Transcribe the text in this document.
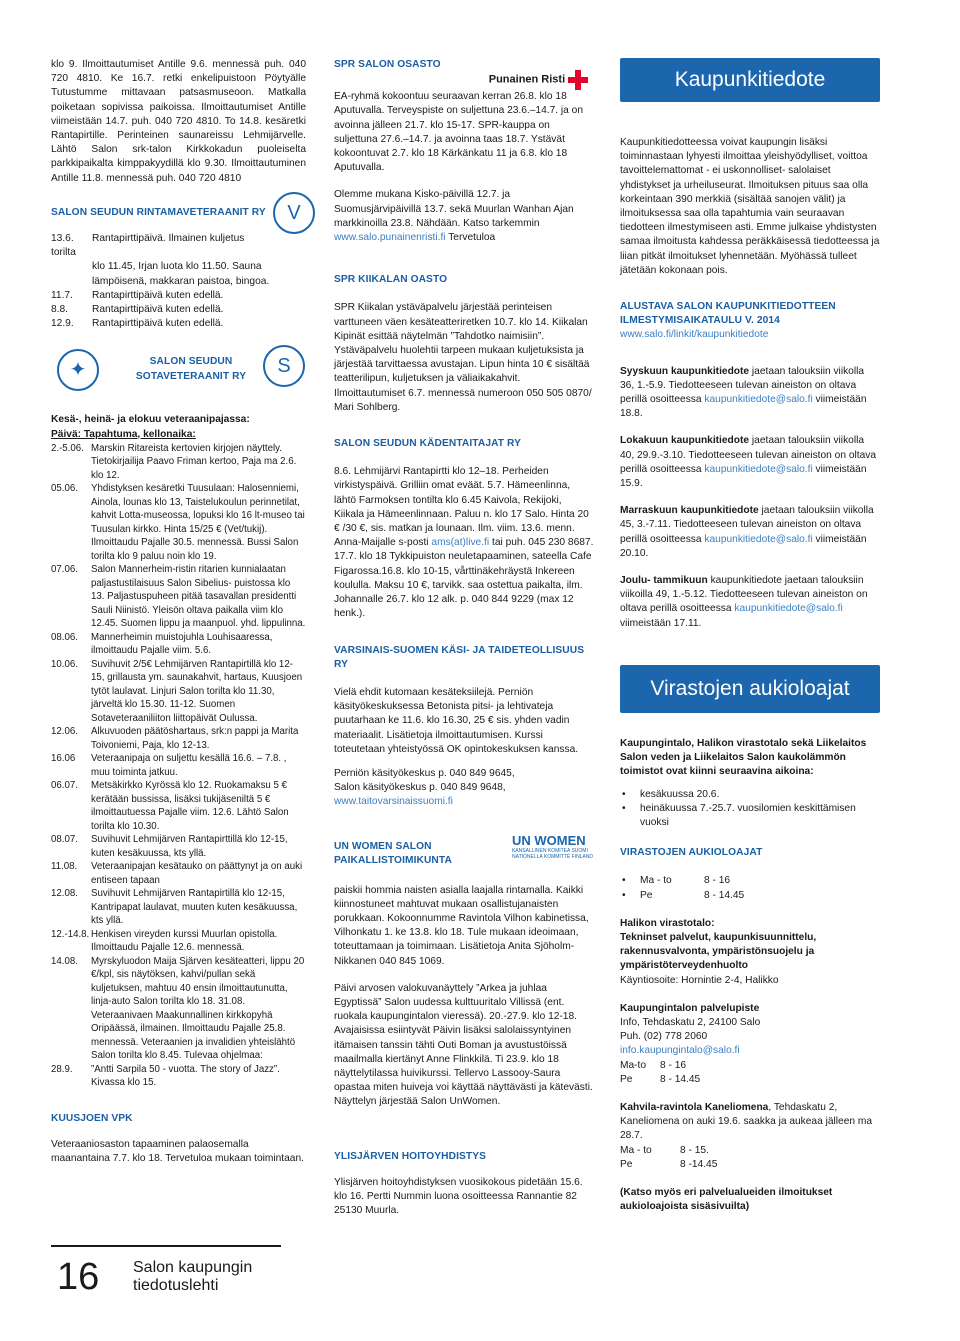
klo 9. Ilmoittautumiset Antille 9.6. mennessä puh. 040 720 4810. Ke 16.7. retki enkelipuistoon Pöytyälle Tutustumme mittavaan patsasmuseoon. Matkalla poiketaan sopivissa paikoissa. Ilmoittautumiset Antille viimeistään 14.7. puh. 040 720 4810. To 14.8. kesäretki Rantapirtille. Perinteinen saunareissu Lehmijärvelle. Lähtö Salon srk-talon Kirkkokadun puoleiselta parkkipaikalta kimppakyydillä klo 9.30. Ilmoittautuminen Antille 11.8. mennessä puh. 040 720 4810

SALON SEUDUN RINTAMAVETERAANIT RY	V
13.6.	Rantapirttipäivä. Ilmainen kuljetus
torilta
klo 11.45, Irjan luota klo 11.50. Sauna lämpöisenä, makkaran paistoa, bingoa.
11.7.	Rantapirttipäivä kuten edellä.
8.8.	Rantapirttipäivä kuten edellä.
12.9.	Rantapirttipäivä kuten edellä.
✦	SALON SEUDUN

SOTAVETERAANIT RY	S

Kesä-, heinä- ja elokuu veteraanipajassa:

Päivä: Tapahtuma, kellonaika:

2.-5.06. Marskin Ritareista kertovien kirjojen näyttely. Tietokirjailija Paavo Friman kertoo, Paja ma 2.6. klo 12.
05.06.	Yhdistyksen kesäretki Tuusulaan: Halosenniemi, Ainola, lounas klo 13, Taistelukoulun perinnetilat, kahvit Lotta-museossa, lopuksi klo 16 lt-museo tai Tuusulan kirkko. Hinta 15/25 € (Vet/tukij). Ilmoittaudu Pajalle 30.5. mennessä. Bussi Salon torilta klo 9 paluu noin klo 19.
07.06.	Salon Mannerheim-ristin ritarien kunnialaatan paljastustilaisuus Salon Sibelius- puistossa klo 13. Paljastuspuheen pitää tasavallan presidentti Sauli Niinistö. Yleisön oltava paikalla viim klo 12.45. Suomen lippu ja maanpuol. yhd. lippulinna.
08.06.	Mannerheimin muistojuhla Louhisaaressa, ilmoittaudu Pajalle viim. 5.6.
10.06.	Suvihuvit 2/5€ Lehmijärven Rantapirtillä klo 12-15, grillausta ym. saunakahvit, hartaus, Kuusjoen tytöt laulavat. Linjuri Salon torilta klo 11.30, järveltä klo 15.30. 11-12. Suomen Sotaveteraaniliiton liittopäivät Oulussa.
12.06.	Alkuvuoden päätöshartaus, srk:n pappi ja Marita Toivoniemi, Paja, klo 12-13.
16.06	Veteraanipaja on suljettu kesällä 16.6. – 7.8. , muu toiminta jatkuu.
06.07.	Metsäkirkko Kyrössä klo 12. Ruokamaksu 5 € kerätään bussissa, lisäksi tukijäseniltä 5 € ilmoittautuessa Pajalle viim. 12.6. Lähtö Salon torilta klo 10.30.
08.07.	Suvihuvit Lehmijärven Rantapirttillä klo 12-15, kuten kesäkuussa, kts yllä.
11.08.	Veteraanipajan kesätauko on päättynyt ja on auki entiseen tapaan
12.08.	Suvihuvit Lehmijärven Rantapirtillä klo 12-15, Kantripapat laulavat, muuten kuten kesäkuussa, kts yllä.
12.-14.8. Henkisen vireyden kurssi Muurlan opistolla. Ilmoittaudu Pajalle 12.6. mennessä.
14.08.	Myrskyluodon Maija Sjärven kesäteatteri, lippu 20 €/kpl, sis näytöksen, kahvi/pullan sekä kuljetuksen, mahtuu 40 ensin ilmoittautunutta, linja-auto Salon torilta klo 18. 31.08. Veteraanivaen Maakunnallinen kirkkopyhä Oripäässä, ilmainen. Ilmoittaudu Pajalle 25.8. mennessä. Veteraanien ja invalidien yhteislähtö Salon torilta klo 8.45. Tulevaa ohjelmaa:
28.9.	”Antti Sarpila 50 - vuotta. The story of Jazz”. Kivassa klo 15.

KUUSJOEN VPK

Veteraaniosaston tapaaminen palaosemalla maanantaina 7.7. klo 18. Tervetuloa mukaan toimintaan.

SPR SALON OSASTO

Punainen Risti

EA-ryhmä kokoontuu seuraavan kerran 26.8. klo 18 Aputuvalla. Terveyspiste on suljettuna 23.6.–14.7. ja on avoinna jälleen 21.7. klo 15-17. SPR-kauppa on suljettuna 27.6.–14.7. ja avoinna taas 18.7. Ystävät kokoontuvat 2.7. klo 18 Kärkänkatu 11 ja 6.8. klo 18 Aputuvalla.

Olemme mukana Kisko-päivillä 12.7. ja Suomusjärvipäivillä 13.7. sekä Muurlan Wanhan Ajan markkinoilla 23.8. Nähdään. Katso tarkemmin www.salo.punainenristi.fi Tervetuloa

SPR KIIKALAN OASTO

SPR Kiikalan ystäväpalvelu järjestää perinteisen varttuneen väen kesäteatteriretken 10.7. klo 14. Kiikalan Kipinät esittää näytelmän ”Tahdotko naimisiin”. Ystäväpalvelu huolehtii tarpeen mukaan kuljetuksista ja järjestää tarvittaessa avustajan. Lipun hinta 10 € sisältää teatterilipun, kuljetuksen ja väliaikakahvit. Ilmoittautumiset 6.7. mennessä numeroon 050 505 0870/ Mari Sohlberg.

SALON SEUDUN KÄDENTAITAJAT RY

8.6. Lehmijärvi Rantapirtti klo 12–18. Perheiden virkistyspäivä. Grilliin omat eväät. 5.7. Hämeenlinna, lähtö Farmoksen tontilta klo 6.45 Kaivola, Rekijoki, Kiikala ja Hämeenlinnaan. Paluu n. klo 17 Salo. Hinta 20 € /30 €, sis. matkan ja lounaan. Ilm. viim. 13.6. menn. Anna-Maijalle s-posti ams(at)live.fi tai puh. 045 230 8687. 17.7. klo 18 Tykkipuiston neuletapaaminen, sateella Cafe Figarossa.16.8. klo 10-15, vårttinäkehräystä Inkereen koululla. Maksu 10 €, tarvikk. saa ostettua paikalta, ilm. Johannalle 26.7. klo 12 alk. p. 040 844 9229 (max 12 henk.).

VARSINAIS-SUOMEN KÄSI- JA TAIDETEOLLISUUS RY

Vielä ehdit kutomaan kesäteksiilejä. Perniön käsityökeskuksessa Betonista pitsi- ja lehtivateja puutarhaan ke 11.6. klo 16.30, 25 € sis. yhden vadin materiaalit. Lisätietoja ilmoittautumisen. Kurssi toteutetaan yhteistyössä OK opintokeskuksen kanssa.

Perniön käsityökeskus p. 040 849 9645,

Salon käsityökeskus p. 040 849 9648,

www.taitovarsinaissuomi.fi

UN WOMEN SALON

PAIKALLISTOIMIKUNTA

UN WOMEN
KANSALLINEN KOMITEA SUOMI NATIONELLA KOMMITTÉ FINLAND

paiskii hommia naisten asialla laajalla rintamalla. Kaikki kiinnostuneet mahtuvat mukaan osallistujanaisten porukkaan. Kokoonnumme Ravintola Vilhon kabinetissa, Vilhonkatu 1. ke 13.8. klo 18. Tule mukaan ideoimaan, toteuttamaan ja toimimaan. Lisätietoja Anita Sjöholm-Nikkanen 040 845 1069.

Päivi arvosen valokuvanäyttely ”Arkea ja juhlaa Egyptissä” Salon uudessa kulttuuritalo Villissä (ent. ruokala kaupungintalon vieressä). 20.-27.9. klo 12-18. Avajaisissa esiintyvät Päivin lisäksi salolaissyntyinen itämaisen tanssin tähti Outi Boman ja avustustöissä maailmalla kiertänyt Anne Flinkkilä. Ti 23.9. klo 18 näyttelytilassa huivikurssi. Tellervo Lassooy-Saura opastaa miten huiveja voi käyttää näyttävästi ja kätevästi. Näyttelyn järjestää Salon UnWomen.

YLISJÄRVEN HOITOYHDISTYS

Ylisjärven hoitoyhdistyksen vuosikokous pidetään 15.6. klo 16. Pertti Nummin luona osoitteessa Rannantie 82 25130 Muurla.

Kaupunkitiedote

Kaupunkitiedotteessa voivat kaupungin lisäksi toiminnastaan lyhyesti ilmoittaa yleishyödylliset, voittoa tavoittelemattomat - ei uskonnolliset- salolaiset yhdistykset ja urheiluseurat. Ilmoituksen pituus saa olla korkeintaan 390 merkkiä (sisältää sanojen välit) ja ilmoituksessa saa olla tapahtumia vain seuraavan tiedotteen ilmestymiseen asti. Emme julkaise yhdistysten samaa ilmoitusta kahdessa peräkkäisessä tiedotteessa ja liian pitkät ilmoitukset lyhennetään. Myöhässä tulleet jätetään kokonaan pois.

ALUSTAVA SALON KAUPUNKITIEDOTTEEN ILMESTYMISAIKATAULU V. 2014

www.salo.fi/linkit/kaupunkitiedote

Syyskuun kaupunkitiedote jaetaan talouksiin viikolla 36, 1.-5.9. Tiedotteeseen tulevan aineiston on oltava perillä osoitteessa kaupunkitiedote@salo.fi viimeistään 18.8.

Lokakuun kaupunkitiedote jaetaan talouksiin viikolla 40, 29.9.-3.10. Tiedotteeseen tulevan aineiston on oltava perillä osoitteessa kaupunkitiedote@salo.fi viimeistään 15.9.

Marraskuun kaupunkitiedote jaetaan talouksiin viikolla 45, 3.-7.11. Tiedotteeseen tulevan aineiston on oltava perillä osoitteessa kaupunkitiedote@salo.fi viimeistään 20.10.

Joulu- tammikuun kaupunkitiedote jaetaan talouksiin viikoilla 49, 1.-5.12. Tiedotteeseen tulevan aineiston on oltava perillä osoitteessa kaupunkitiedote@salo.fi viimeistään 17.11.

Virastojen aukioloajat

Kaupungintalo, Halikon virastotalo sekä Liikelaitos Salon veden ja Liikelaitos Salon kaukolämmön toimistot ovat kiinni seuraavina aikoina:

• kesäkuussa 20.6.
• heinäkuussa 7.-25.7. vuosilomien keskittämisen vuoksi

VIRASTOJEN AUKIOLOAJAT

• Ma - to	8 - 16
• Pe	8 - 14.45

Halikon virastotalo:

Tekninset palvelut, kaupunkisuunnittelu, rakennusvalvonta, ympäristönsuojelu ja ympäristöterveydenhuolto

Käyntiosoite: Hornintie 2-4, Halikko

Kaupungintalon palvelupiste

Info, Tehdaskatu 2, 24100 Salo

Puh. (02) 778 2060

info.kaupungintalo@salo.fi

Ma-to	8 - 16
Pe	8 - 14.45

Kahvila-ravintola Kaneliomena, Tehdaskatu 2, Kaneliomena on auki 19.6. saakka ja aukeaa jälleen ma 28.7.

Ma - to	8 - 15.
Pe	8 -14.45

(Katso myös eri palvelualueiden ilmoitukset aukioloajoista sisäsivuilta)

16 Salon kaupungin
tiedotuslehti
